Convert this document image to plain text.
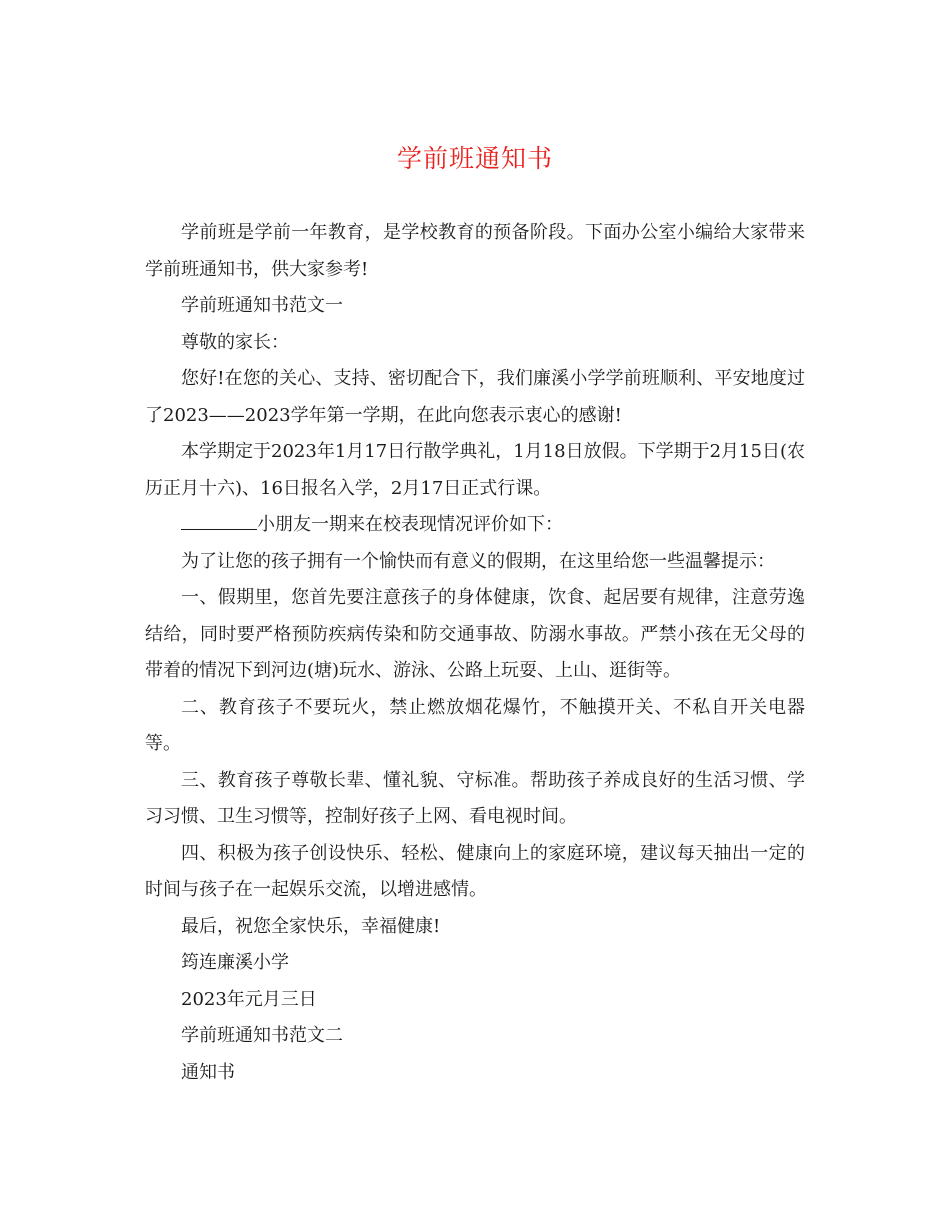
学前班通知书

学前班是学前一年教育，是学校教育的预备阶段。下面办公室小编给大家带来学前班通知书，供大家参考!

学前班通知书范文一

尊敬的家长：

您好!在您的关心、支持、密切配合下，我们廉溪小学学前班顺利、平安地度过了2023——2023学年第一学期，在此向您表示衷心的感谢!

本学期定于2023年1月17日行散学典礼，1月18日放假。下学期于2月15日(农历正月十六)、16日报名入学，2月17日正式行课。

小朋友一期来在校表现情况评价如下：

为了让您的孩子拥有一个愉快而有意义的假期，在这里给您一些温馨提示：

一、假期里，您首先要注意孩子的身体健康，饮食、起居要有规律，注意劳逸结给，同时要严格预防疾病传染和防交通事故、防溺水事故。严禁小孩在无父母的带着的情况下到河边(塘)玩水、游泳、公路上玩耍、上山、逛街等。

二、教育孩子不要玩火，禁止燃放烟花爆竹，不触摸开关、不私自开关电器等。

三、教育孩子尊敬长辈、懂礼貌、守标准。帮助孩子养成良好的生活习惯、学习习惯、卫生习惯等，控制好孩子上网、看电视时间。

四、积极为孩子创设快乐、轻松、健康向上的家庭环境，建议每天抽出一定的时间与孩子在一起娱乐交流，以增进感情。

最后，祝您全家快乐，幸福健康!

筠连廉溪小学

2023年元月三日

学前班通知书范文二

通知书
